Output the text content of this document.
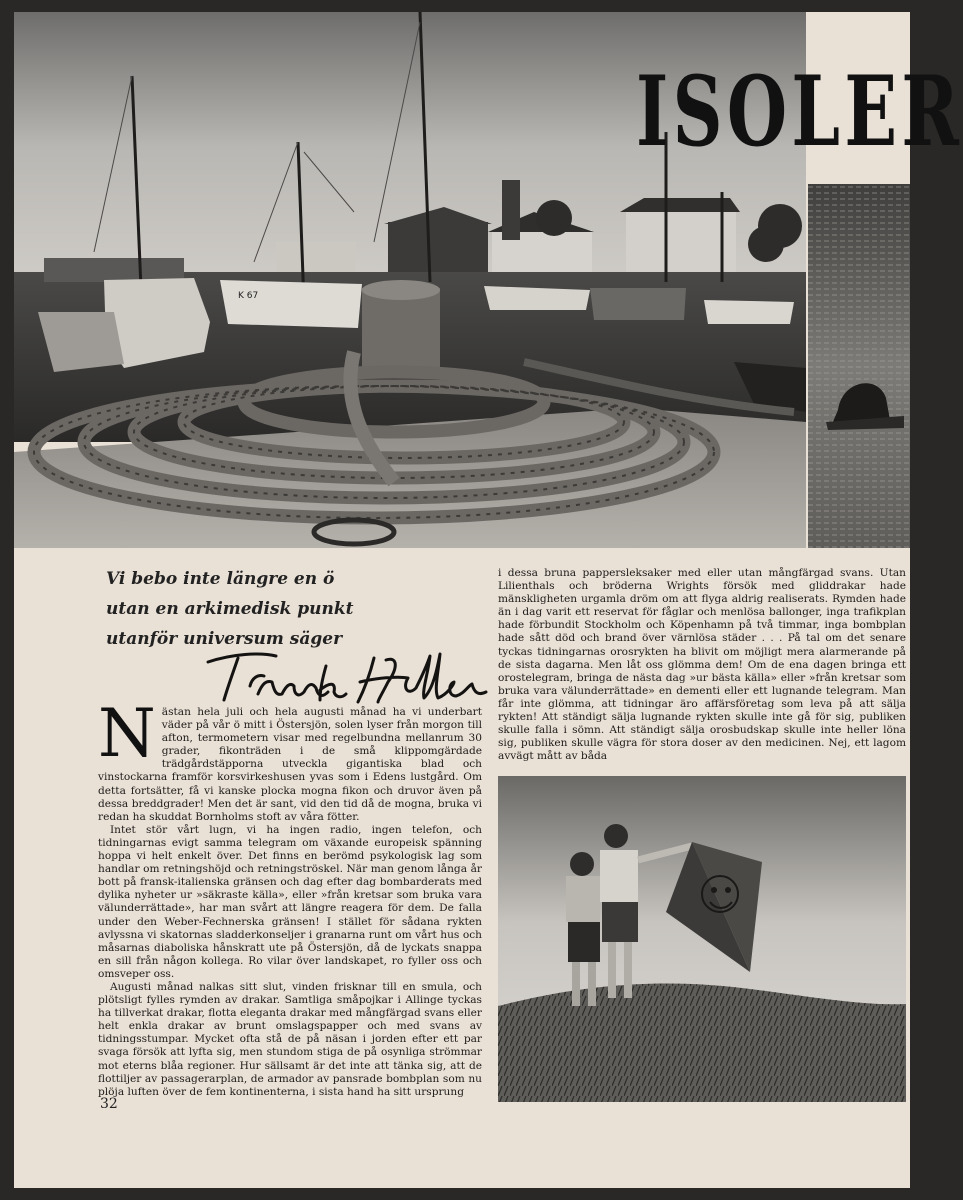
K 67
ISOLER
Vi bebo inte längre en ö
utan en arkimedisk punkt
utanför universum säger

Nästan hela juli och hela augusti månad ha vi underbart väder på vår ö mitt i Östersjön, solen lyser från morgon till afton, termometern visar med regelbundna mellanrum 30 grader, fikonträden i de små klippomgärdade trädgårdstäpporna utveckla gigantiska blad och vinstockarna framför korsvirkeshusen yvas som i Edens lustgård. Om detta fortsätter, få vi kanske plocka mogna fikon och druvor även på dessa breddgrader! Men det är sant, vid den tid då de mogna, bruka vi redan ha skuddat Bornholms stoft av våra fötter.

Intet stör vårt lugn, vi ha ingen radio, ingen telefon, och tidningarnas evigt samma telegram om växande europeisk spänning hoppa vi helt enkelt över. Det finns en berömd psykologisk lag som handlar om retningshöjd och retningströskel. När man genom långa år bott på fransk-italienska gränsen och dag efter dag bombarderats med dylika nyheter ur »säkraste källa», eller »från kretsar som bruka vara välunderrättade», har man svårt att längre reagera för dem. De falla under den Weber-Fechnerska gränsen! I stället för sådana rykten avlyssna vi skatornas sladderkonseljer i granarna runt om vårt hus och måsarnas diaboliska hånskratt ute på Östersjön, då de lyckats snappa en sill från någon kollega. Ro vilar över landskapet, ro fyller oss och omsveper oss.

Augusti månad nalkas sitt slut, vinden frisknar till en smula, och plötsligt fylles rymden av drakar. Samtliga småpojkar i Allinge tyckas ha tillverkat drakar, flotta eleganta drakar med mångfärgad svans eller helt enkla drakar av brunt omslagspapper och med svans av tidningsstumpar. Mycket ofta stå de på näsan i jorden efter ett par svaga försök att lyfta sig, men stundom stiga de på osynliga strömmar mot eterns blåa regioner. Hur sällsamt är det inte att tänka sig, att de flottiljer av passagerarplan, de armador av pansrade bombplan som nu plöja luften över de fem kontinenterna, i sista hand ha sitt ursprung

i dessa bruna pappersleksaker med eller utan mångfärgad svans. Utan Lilienthals och bröderna Wrights försök med gliddrakar hade mänskligheten urgamla dröm om att flyga aldrig realiserats. Rymden hade än i dag varit ett reservat för fåglar och menlösa ballonger, inga trafikplan hade förbundit Stockholm och Köpenhamn på två timmar, inga bombplan hade sått död och brand över värnlösa städer . . . På tal om det senare tyckas tidningarnas orosrykten ha blivit om möjligt mera alarmerande på de sista dagarna. Men låt oss glömma dem! Om de ena dagen bringa ett orostelegram, bringa de nästa dag »ur bästa källa» eller »från kretsar som bruka vara välunderrättade» en dementi eller ett lugnande telegram. Man får inte glömma, att tidningar äro affärsföretag som leva på att sälja rykten! Att ständigt sälja lugnande rykten skulle inte gå för sig, publiken skulle falla i sömn. Att ständigt sälja orosbudskap skulle inte heller löna sig, publiken skulle vägra för stora doser av den medicinen. Nej, ett lagom avvägt mått av båda

32
